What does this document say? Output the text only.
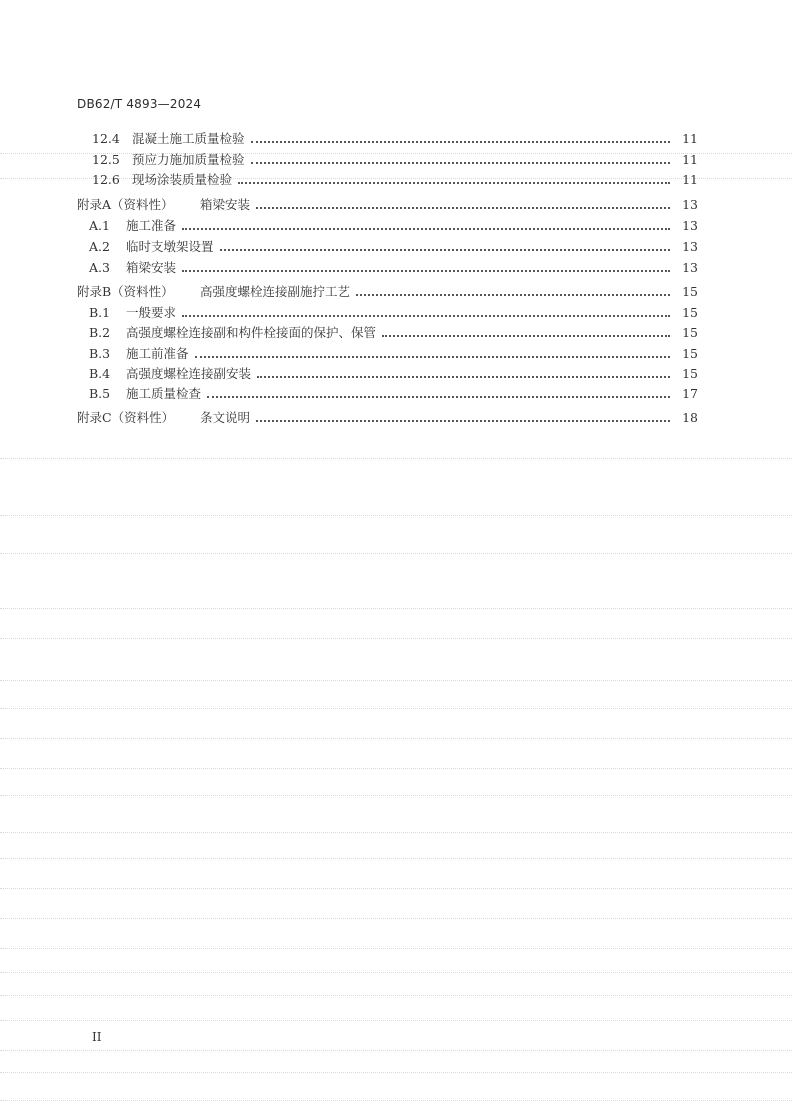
DB62/T 4893—2024
12.4 混凝土施工质量检验	11
12.5 预应力施加质量检验	11
12.6 现场涂装质量检验	11
附录A（资料性）	箱梁安装	13
A.1	施工准备	13
A.2	临时支墩架设置	13
A.3	箱梁安装	13
附录B（资料性）	高强度螺栓连接副施拧工艺	15
B.1	一般要求	15
B.2	高强度螺栓连接副和构件栓接面的保护、保管	15
B.3	施工前准备	15
B.4	高强度螺栓连接副安装	15
B.5	施工质量检查	17
附录C（资料性）	条文说明	18
II
